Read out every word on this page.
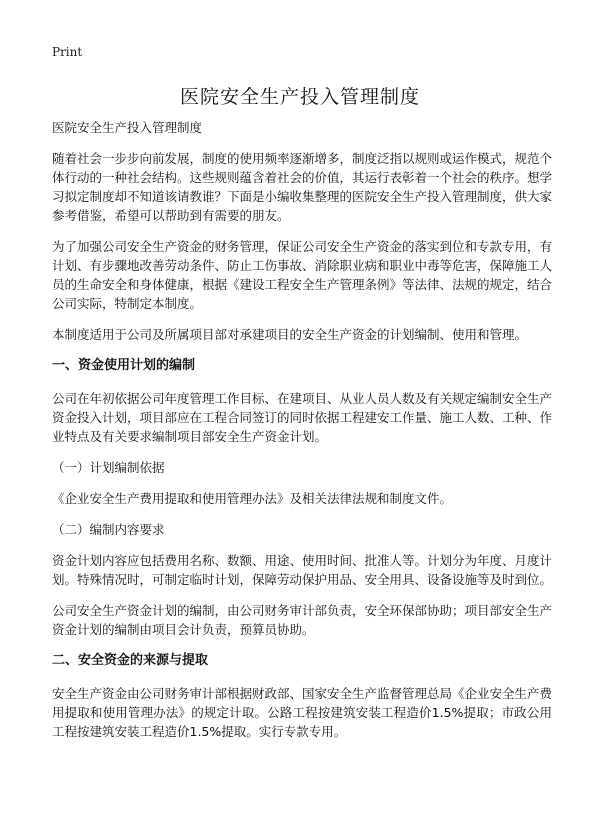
Print
医院安全生产投入管理制度

医院安全生产投入管理制度

随着社会一步步向前发展，制度的使用频率逐渐增多，制度泛指以规则或运作模式，规范个体行动的一种社会结构。这些规则蕴含着社会的价值，其运行表彰着一个社会的秩序。想学习拟定制度却不知道该请教谁？下面是小编收集整理的医院安全生产投入管理制度，供大家参考借鉴，希望可以帮助到有需要的朋友。

为了加强公司安全生产资金的财务管理，保证公司安全生产资金的落实到位和专款专用，有计划、有步骤地改善劳动条件、防止工伤事故、消除职业病和职业中毒等危害，保障施工人员的生命安全和身体健康，根据《建设工程安全生产管理条例》等法律、法规的规定，结合公司实际，特制定本制度。

本制度适用于公司及所属项目部对承建项目的安全生产资金的计划编制、使用和管理。

一、资金使用计划的编制

公司在年初依据公司年度管理工作目标、在建项目、从业人员人数及有关规定编制安全生产资金投入计划，项目部应在工程合同签订的同时依据工程建安工作量、施工人数、工种、作业特点及有关要求编制项目部安全生产资金计划。

（一）计划编制依据

《企业安全生产费用提取和使用管理办法》及相关法律法规和制度文件。

（二）编制内容要求

资金计划内容应包括费用名称、数额、用途、使用时间、批准人等。计划分为年度、月度计划。特殊情况时，可制定临时计划，保障劳动保护用品、安全用具、设备设施等及时到位。

公司安全生产资金计划的编制，由公司财务审计部负责，安全环保部协助；项目部安全生产资金计划的编制由项目会计负责，预算员协助。

二、安全资金的来源与提取

安全生产资金由公司财务审计部根据财政部、国家安全生产监督管理总局《企业安全生产费用提取和使用管理办法》的规定计取。公路工程按建筑安装工程造价1.5%提取；市政公用工程按建筑安装工程造价1.5%提取。实行专款专用。
